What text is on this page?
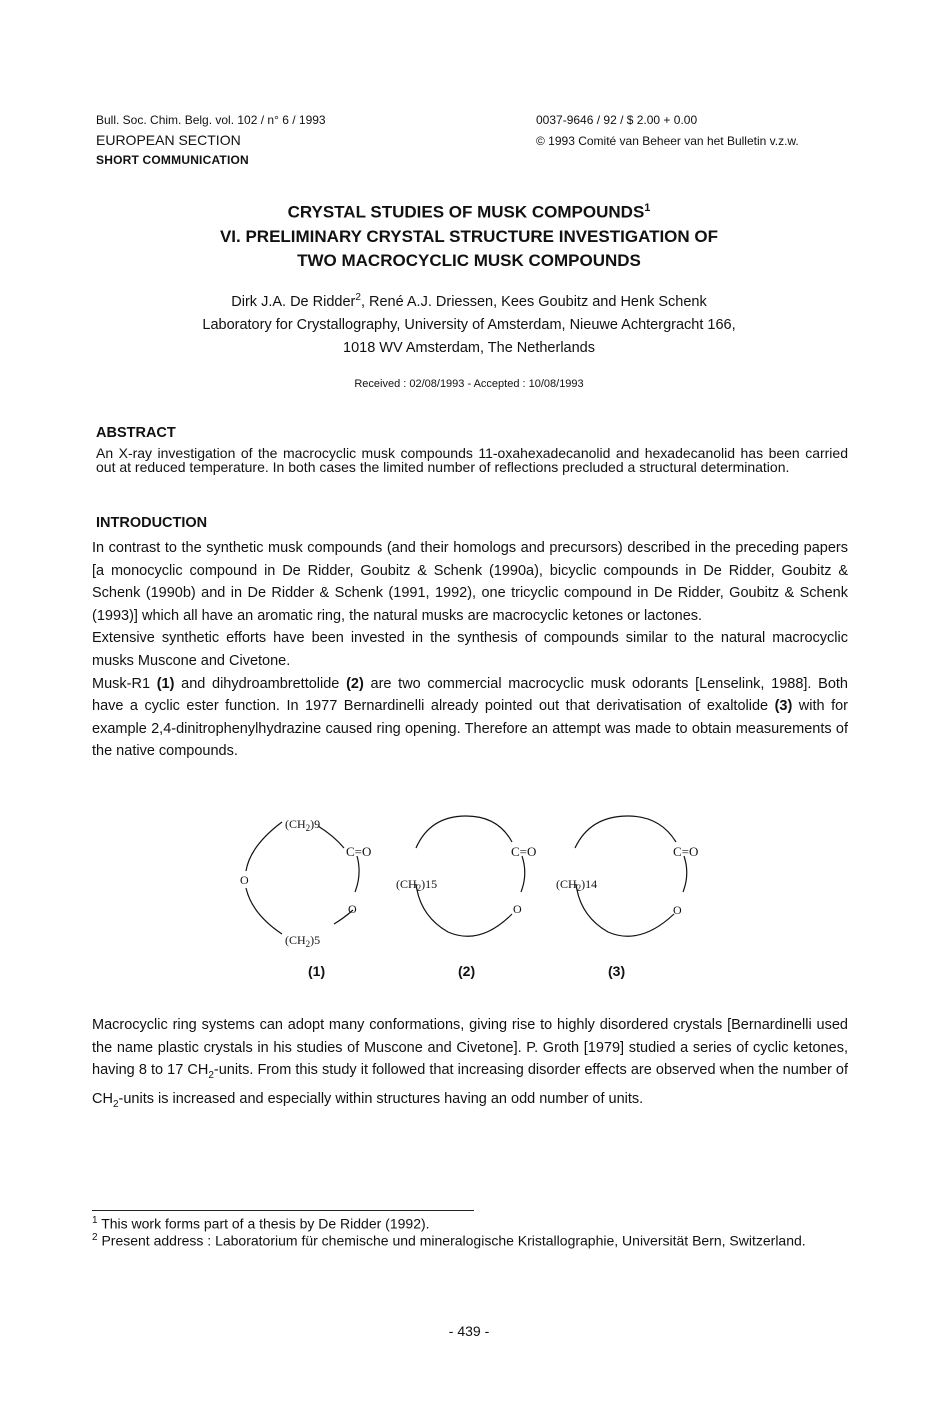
Bull. Soc. Chim. Belg. vol. 102 / n° 6 / 1993
EUROPEAN SECTION
SHORT COMMUNICATION
0037-9646 / 92 / $ 2.00 + 0.00
© 1993 Comité van Beheer van het Bulletin v.z.w.
CRYSTAL STUDIES OF MUSK COMPOUNDS$^1$
VI. PRELIMINARY CRYSTAL STRUCTURE INVESTIGATION OF
TWO MACROCYCLIC MUSK COMPOUNDS
Dirk J.A. De Ridder$^2$, René A.J. Driessen, Kees Goubitz and Henk Schenk
Laboratory for Crystallography, University of Amsterdam, Nieuwe Achtergracht 166,
1018 WV Amsterdam, The Netherlands
Received : 02/08/1993 - Accepted : 10/08/1993
ABSTRACT
An X-ray investigation of the macrocyclic musk compounds 11-oxahexadecanolid and hexadecanolid has been carried out at reduced temperature. In both cases the limited number of reflections precluded a structural determination.
INTRODUCTION

In contrast to the synthetic musk compounds (and their homologs and precursors) described in the preceding papers [a monocyclic compound in De Ridder, Goubitz & Schenk (1990a), bicyclic compounds in De Ridder, Goubitz & Schenk (1990b) and in De Ridder & Schenk (1991, 1992), one tricyclic compound in De Ridder, Goubitz & Schenk (1993)] which all have an aromatic ring, the natural musks are macrocyclic ketones or lactones.

Extensive synthetic efforts have been invested in the synthesis of compounds similar to the natural macrocyclic musks Muscone and Civetone.

Musk-R1 (1) and dihydroambrettolide (2) are two commercial macrocyclic musk odorants [Lenselink, 1988]. Both have a cyclic ester function. In 1977 Bernardinelli already pointed out that derivatisation of exaltolide (3) with for example 2,4-dinitrophenylhydrazine caused ring opening. Therefore an attempt was made to obtain measurements of the native compounds.

$(CH_2)9$
C=O
O
O
$(CH_2)5$
C=O
$(CH_2)15$
O
C=O
$(CH_2)14$
O
(1)	(2)	(3)
Macrocyclic ring systems can adopt many conformations, giving rise to highly disordered crystals [Bernardinelli used the name plastic crystals in his studies of Muscone and Civetone]. P. Groth [1979] studied a series of cyclic ketones, having 8 to 17 $CH_2$-units. From this study it followed that increasing disorder effects are observed when the number of $CH_2$-units is increased and especially within structures having an odd number of units.
$^1$ This work forms part of a thesis by De Ridder (1992).
$^2$ Present address : Laboratorium für chemische und mineralogische Kristallographie, Universität Bern, Switzerland.
- 439 -
